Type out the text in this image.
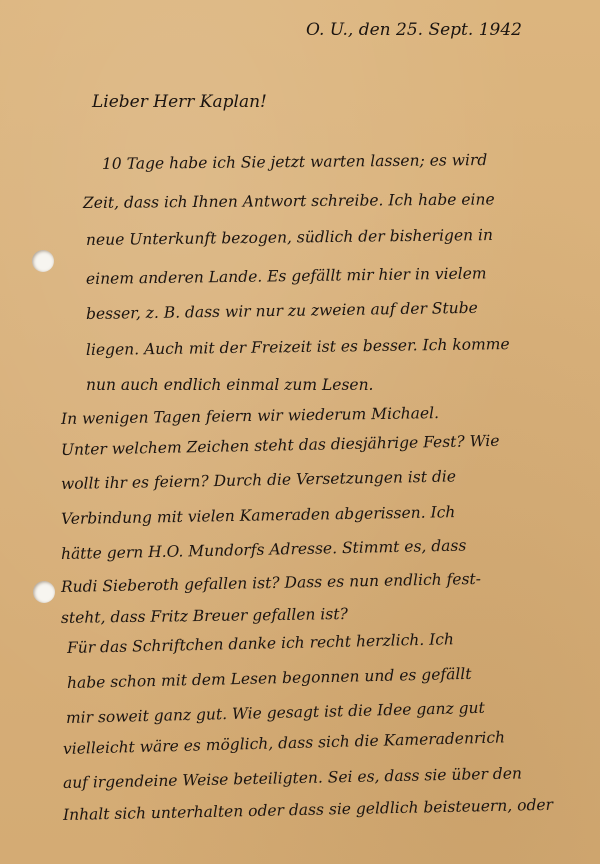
O. U., den 25. Sept. 1942

Lieber Herr Kaplan!

10 Tage habe ich Sie jetzt warten lassen; es wird

Zeit, dass ich Ihnen Antwort schreibe. Ich habe eine

neue Unterkunft bezogen, südlich der bisherigen in

einem anderen Lande. Es gefällt mir hier in vielem

besser, z. B. dass wir nur zu zweien auf der Stube

liegen. Auch mit der Freizeit ist es besser. Ich komme

nun auch endlich einmal zum Lesen.

In wenigen Tagen feiern wir wiederum Michael.

Unter welchem Zeichen steht das diesjährige Fest? Wie

wollt ihr es feiern? Durch die Versetzungen ist die

Verbindung mit vielen Kameraden abgerissen. Ich

hätte gern H.O. Mundorfs Adresse. Stimmt es, dass

Rudi Sieberoth gefallen ist? Dass es nun endlich fest-

steht, dass Fritz Breuer gefallen ist?

Für das Schriftchen danke ich recht herzlich. Ich

habe schon mit dem Lesen begonnen und es gefällt

mir soweit ganz gut. Wie gesagt ist die Idee ganz gut

vielleicht wäre es möglich, dass sich die Kameradenrich

auf irgendeine Weise beteiligten. Sei es, dass sie über den

Inhalt sich unterhalten oder dass sie geldlich beisteuern, oder
